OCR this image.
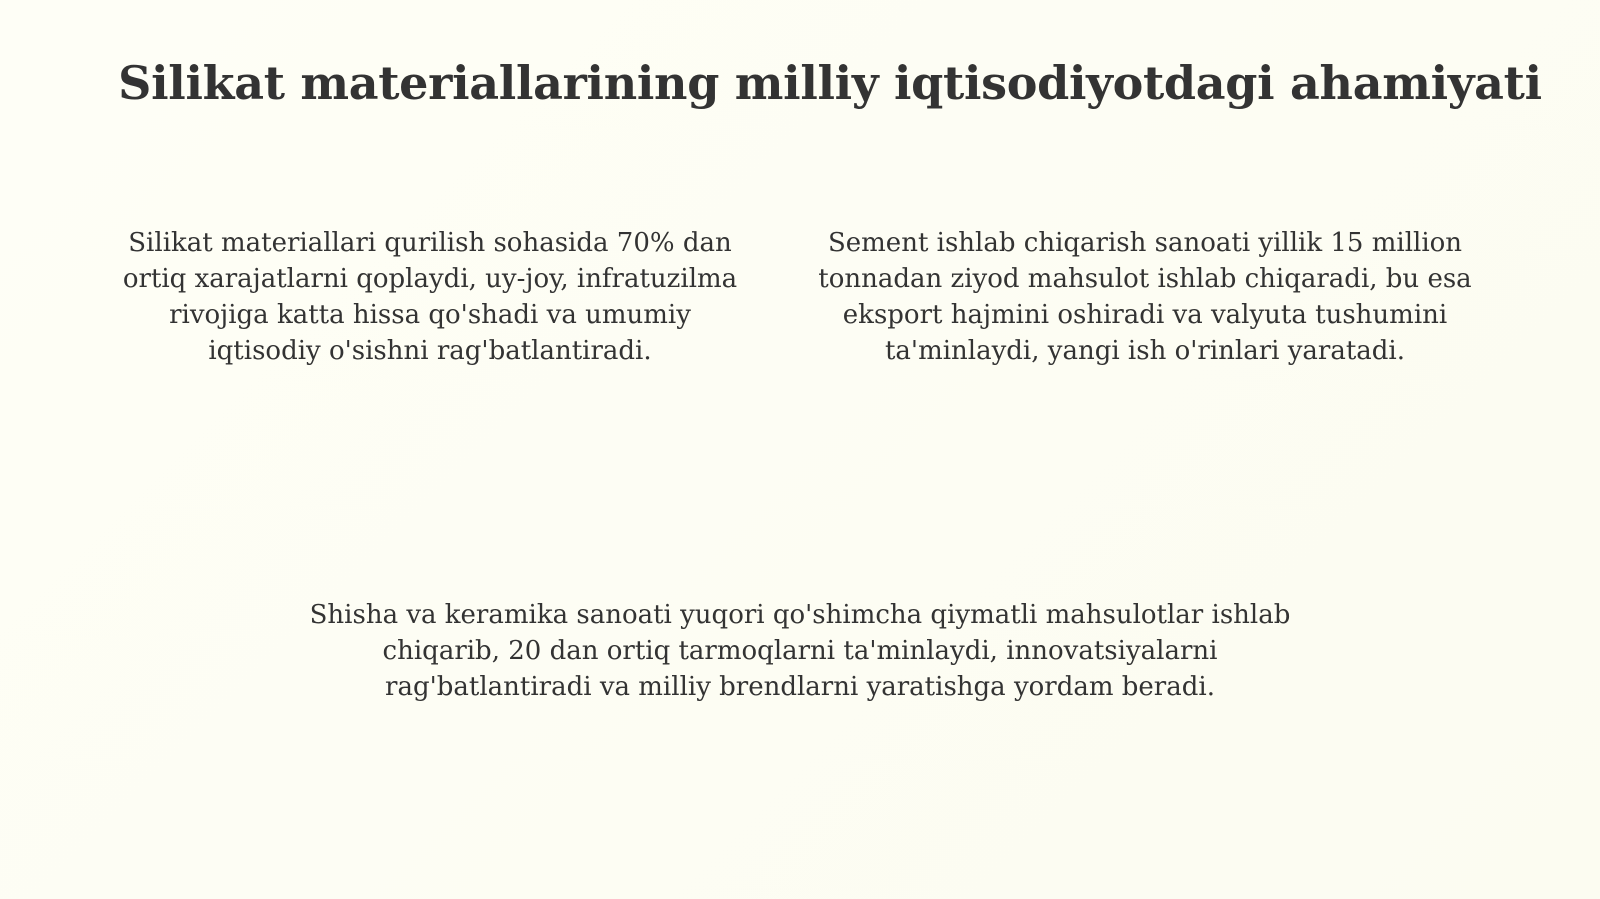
Silikat materiallarining milliy iqtisodiyotdagi ahamiyati

Silikat materiallari qurilish sohasida 70% dan ortiq xarajatlarni qoplaydi, uy-joy, infratuzilma rivojiga katta hissa qo'shadi va umumiy iqtisodiy o'sishni rag'batlantiradi.

Sement ishlab chiqarish sanoati yillik 15 million tonnadan ziyod mahsulot ishlab chiqaradi, bu esa eksport hajmini oshiradi va valyuta tushumini ta'minlaydi, yangi ish o'rinlari yaratadi.

Shisha va keramika sanoati yuqori qo'shimcha qiymatli mahsulotlar ishlab chiqarib, 20 dan ortiq tarmoqlarni ta'minlaydi, innovatsiyalarni rag'batlantiradi va milliy brendlarni yaratishga yordam beradi.
